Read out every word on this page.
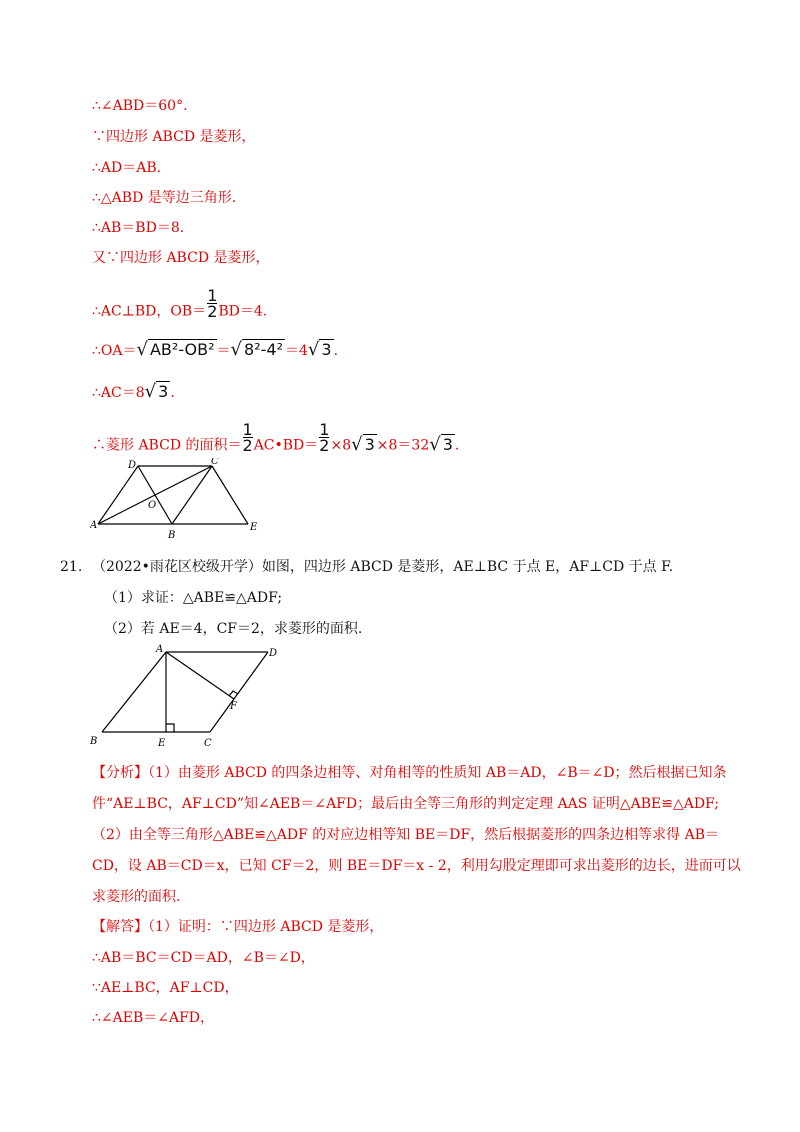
∴∠ABD＝60°.
∵四边形 ABCD 是菱形，
∴AD＝AB.
∴△ABD 是等边三角形.
∴AB＝BD＝8.
又∵四边形 ABCD 是菱形，
∴AC⊥BD，$OB= \frac{1}{2} BD=4$.
∴OA＝√ AB²-OB² ＝√ 8²-4² ＝4√ 3 .
∴AC＝8√ 3 .
∴菱形 ABCD 的面积＝ $\frac{1}{2}$ AC•BD＝ $\frac{1}{2} \times 8√$ 3 ×8＝32√ 3 .
D	C
O
A
B
E
21. （2022•雨花区校级开学）如图，四边形 ABCD 是菱形，AE⊥BC 于点 E，AF⊥CD 于点 F.
（1）求证：△ABE≌△ADF;
（2）若 AE＝4，CF＝2，求菱形的面积.
A	D
F
B	E	C
【分析】（1）由菱形 ABCD 的四条边相等、对角相等的性质知 AB＝AD，∠B＝∠D；然后根据已知条
件“AE⊥BC，AF⊥CD”知∠AEB＝∠AFD；最后由全等三角形的判定定理 AAS 证明△ABE≌△ADF;
（2）由全等三角形△ABE≌△ADF 的对应边相等知 BE＝DF，然后根据菱形的四条边相等求得 AB＝
CD，设 AB＝CD＝x，已知 CF＝2，则 BE＝DF＝x - 2，利用勾股定理即可求出菱形的边长，进而可以
求菱形的面积.
【解答】（1）证明：∵四边形 ABCD 是菱形，
∴AB＝BC＝CD＝AD，∠B＝∠D，
∵AE⊥BC，AF⊥CD，
∴∠AEB＝∠AFD，
